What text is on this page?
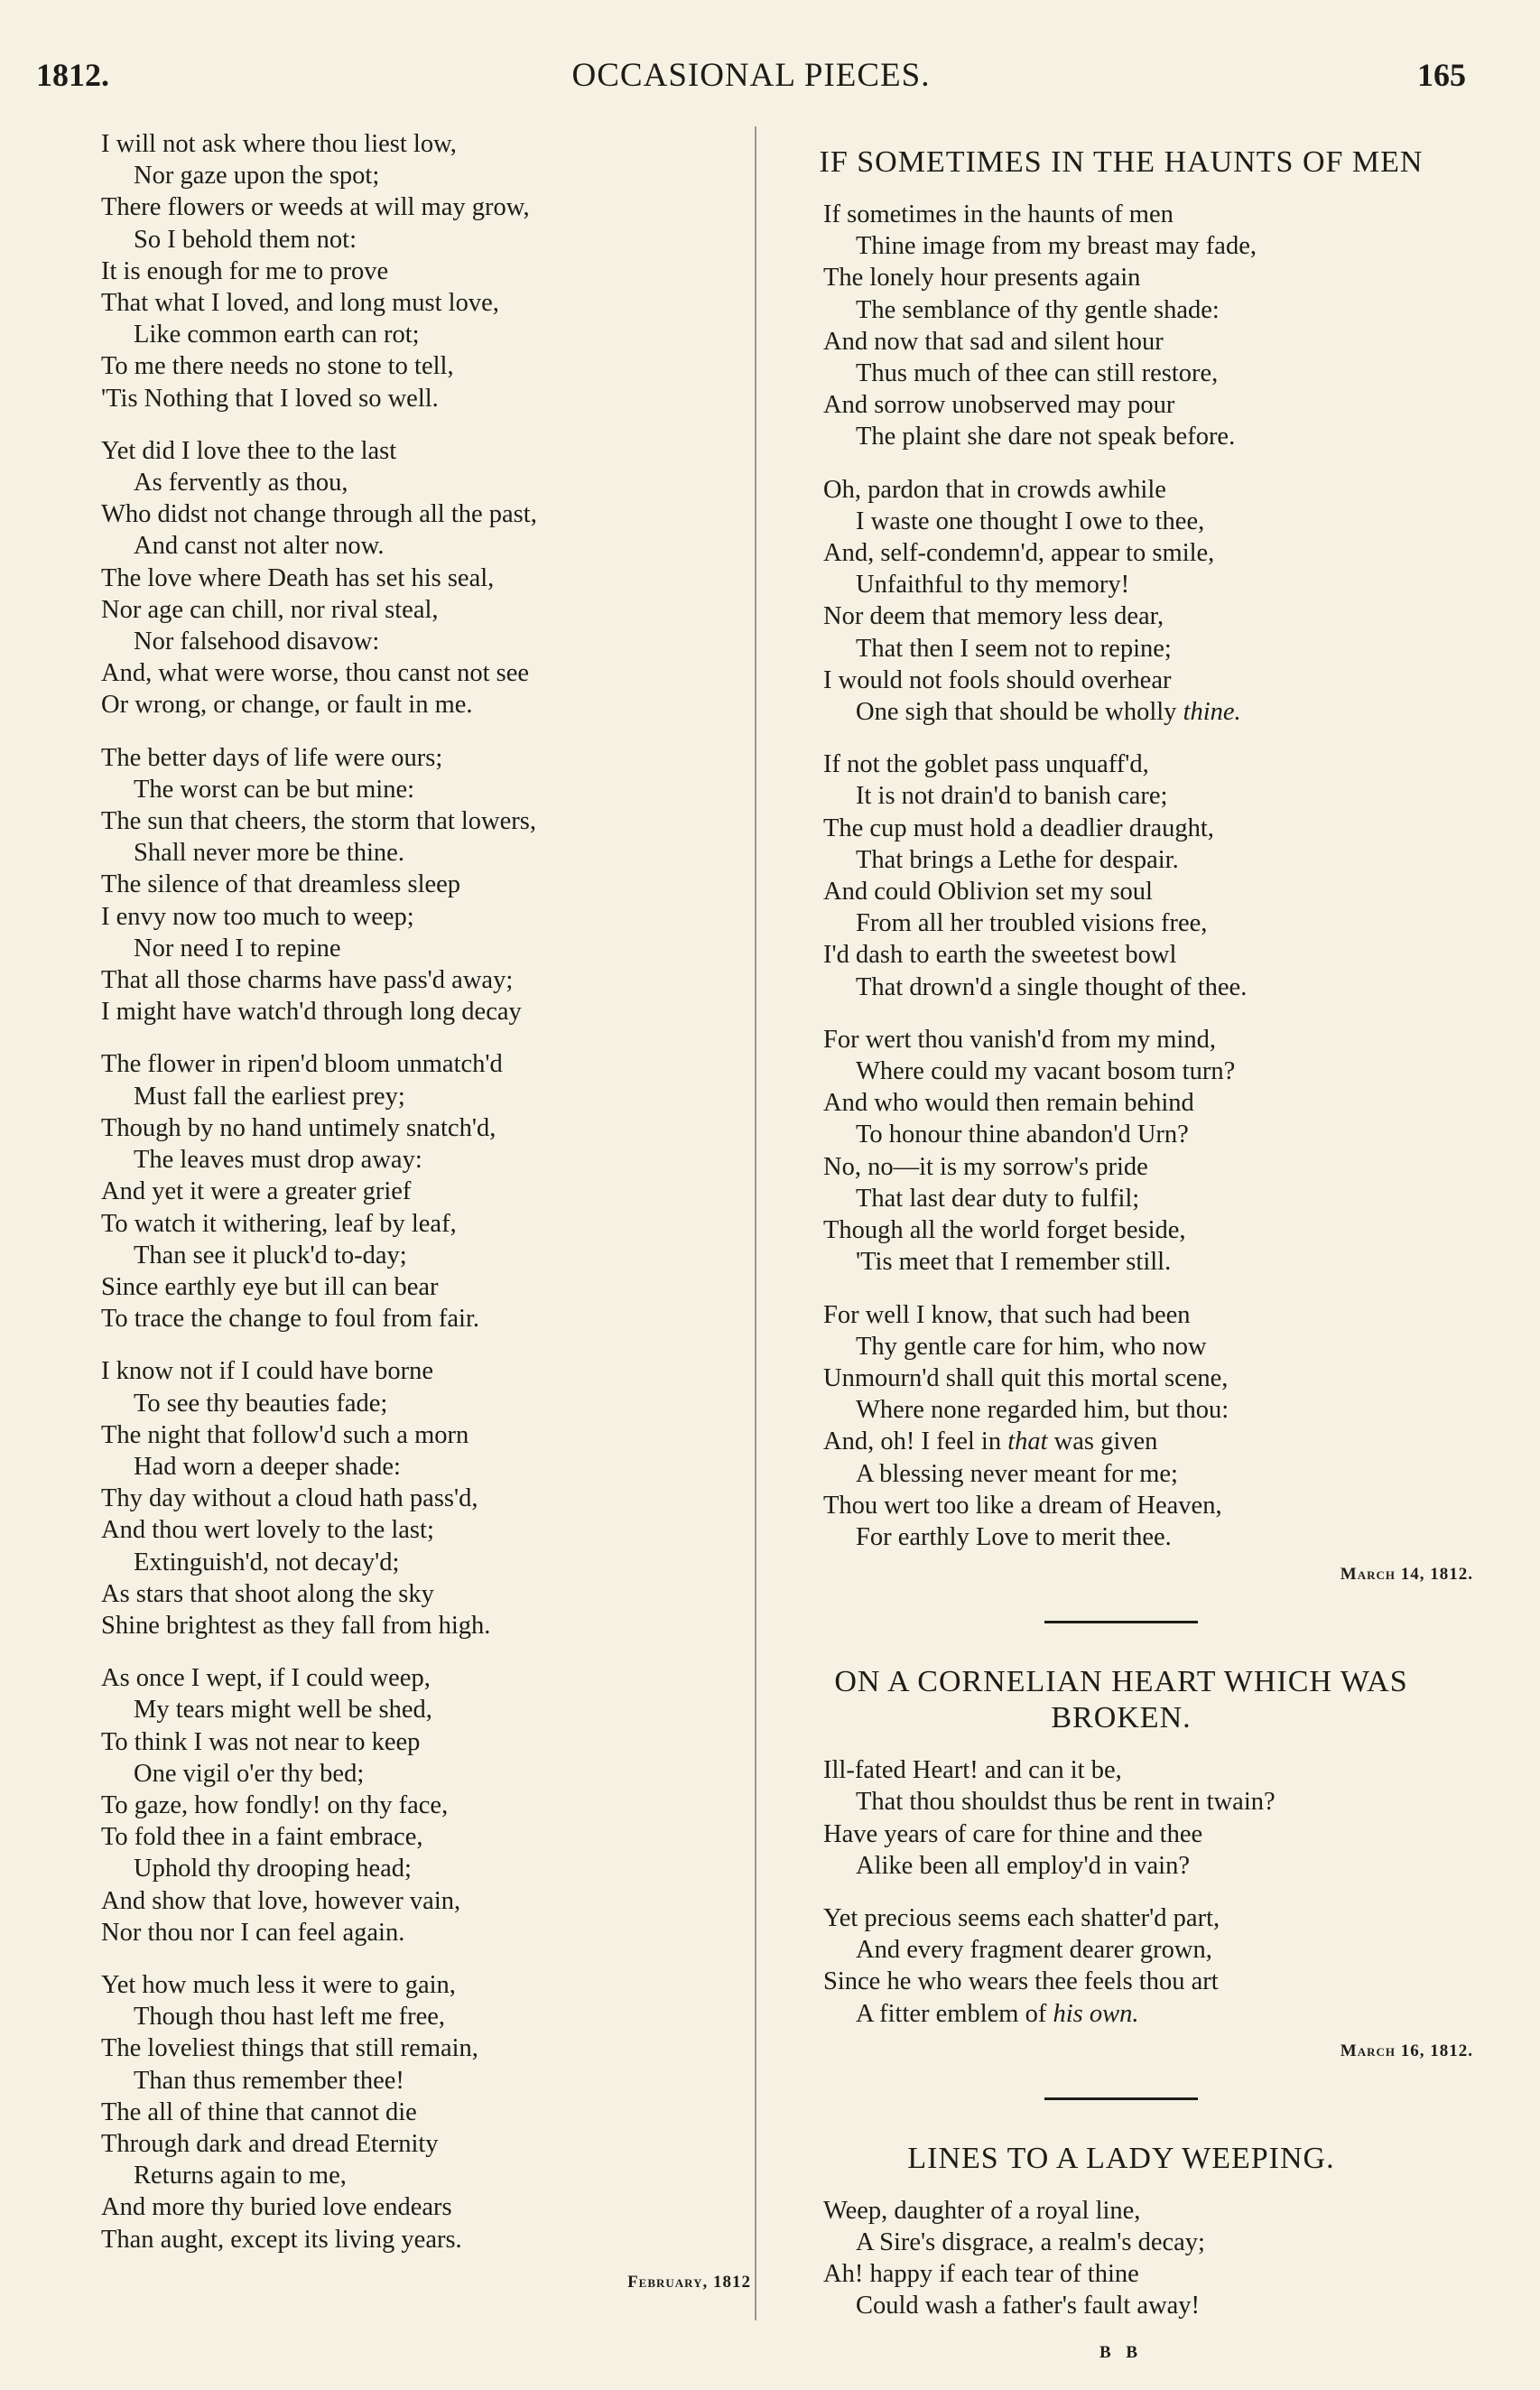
1812.	OCCASIONAL PIECES.	165
I will not ask where thou liest low,
Nor gaze upon the spot;
There flowers or weeds at will may grow,
So I behold them not:
It is enough for me to prove
That what I loved, and long must love,
Like common earth can rot;
To me there needs no stone to tell,
'Tis Nothing that I loved so well.
Yet did I love thee to the last
As fervently as thou,
Who didst not change through all the past,
And canst not alter now.
The love where Death has set his seal,
Nor age can chill, nor rival steal,
Nor falsehood disavow:
And, what were worse, thou canst not see
Or wrong, or change, or fault in me.
The better days of life were ours;
The worst can be but mine:
The sun that cheers, the storm that lowers,
Shall never more be thine.
The silence of that dreamless sleep
I envy now too much to weep;
Nor need I to repine
That all those charms have pass'd away;
I might have watch'd through long decay
The flower in ripen'd bloom unmatch'd
Must fall the earliest prey;
Though by no hand untimely snatch'd,
The leaves must drop away:
And yet it were a greater grief
To watch it withering, leaf by leaf,
Than see it pluck'd to-day;
Since earthly eye but ill can bear
To trace the change to foul from fair.
I know not if I could have borne
To see thy beauties fade;
The night that follow'd such a morn
Had worn a deeper shade:
Thy day without a cloud hath pass'd,
And thou wert lovely to the last;
Extinguish'd, not decay'd;
As stars that shoot along the sky
Shine brightest as they fall from high.
As once I wept, if I could weep,
My tears might well be shed,
To think I was not near to keep
One vigil o'er thy bed;
To gaze, how fondly! on thy face,
To fold thee in a faint embrace,
Uphold thy drooping head;
And show that love, however vain,
Nor thou nor I can feel again.
Yet how much less it were to gain,
Though thou hast left me free,
The loveliest things that still remain,
Than thus remember thee!
The all of thine that cannot die
Through dark and dread Eternity
Returns again to me,
And more thy buried love endears
Than aught, except its living years.
February, 1812
IF SOMETIMES IN THE HAUNTS OF MEN
If sometimes in the haunts of men
Thine image from my breast may fade,
The lonely hour presents again
The semblance of thy gentle shade:
And now that sad and silent hour
Thus much of thee can still restore,
And sorrow unobserved may pour
The plaint she dare not speak before.
Oh, pardon that in crowds awhile
I waste one thought I owe to thee,
And, self-condemn'd, appear to smile,
Unfaithful to thy memory!
Nor deem that memory less dear,
That then I seem not to repine;
I would not fools should overhear
One sigh that should be wholly thine.
If not the goblet pass unquaff'd,
It is not drain'd to banish care;
The cup must hold a deadlier draught,
That brings a Lethe for despair.
And could Oblivion set my soul
From all her troubled visions free,
I'd dash to earth the sweetest bowl
That drown'd a single thought of thee.
For wert thou vanish'd from my mind,
Where could my vacant bosom turn?
And who would then remain behind
To honour thine abandon'd Urn?
No, no—it is my sorrow's pride
That last dear duty to fulfil;
Though all the world forget beside,
'Tis meet that I remember still.
For well I know, that such had been
Thy gentle care for him, who now
Unmourn'd shall quit this mortal scene,
Where none regarded him, but thou:
And, oh! I feel in that was given
A blessing never meant for me;
Thou wert too like a dream of Heaven,
For earthly Love to merit thee.
March 14, 1812.
ON A CORNELIAN HEART WHICH WAS BROKEN.
Ill-fated Heart! and can it be,
That thou shouldst thus be rent in twain?
Have years of care for thine and thee
Alike been all employ'd in vain?
Yet precious seems each shatter'd part,
And every fragment dearer grown,
Since he who wears thee feels thou art
A fitter emblem of his own.
March 16, 1812.
LINES TO A LADY WEEPING.
Weep, daughter of a royal line,
A Sire's disgrace, a realm's decay;
Ah! happy if each tear of thine
Could wash a father's fault away!
B B
